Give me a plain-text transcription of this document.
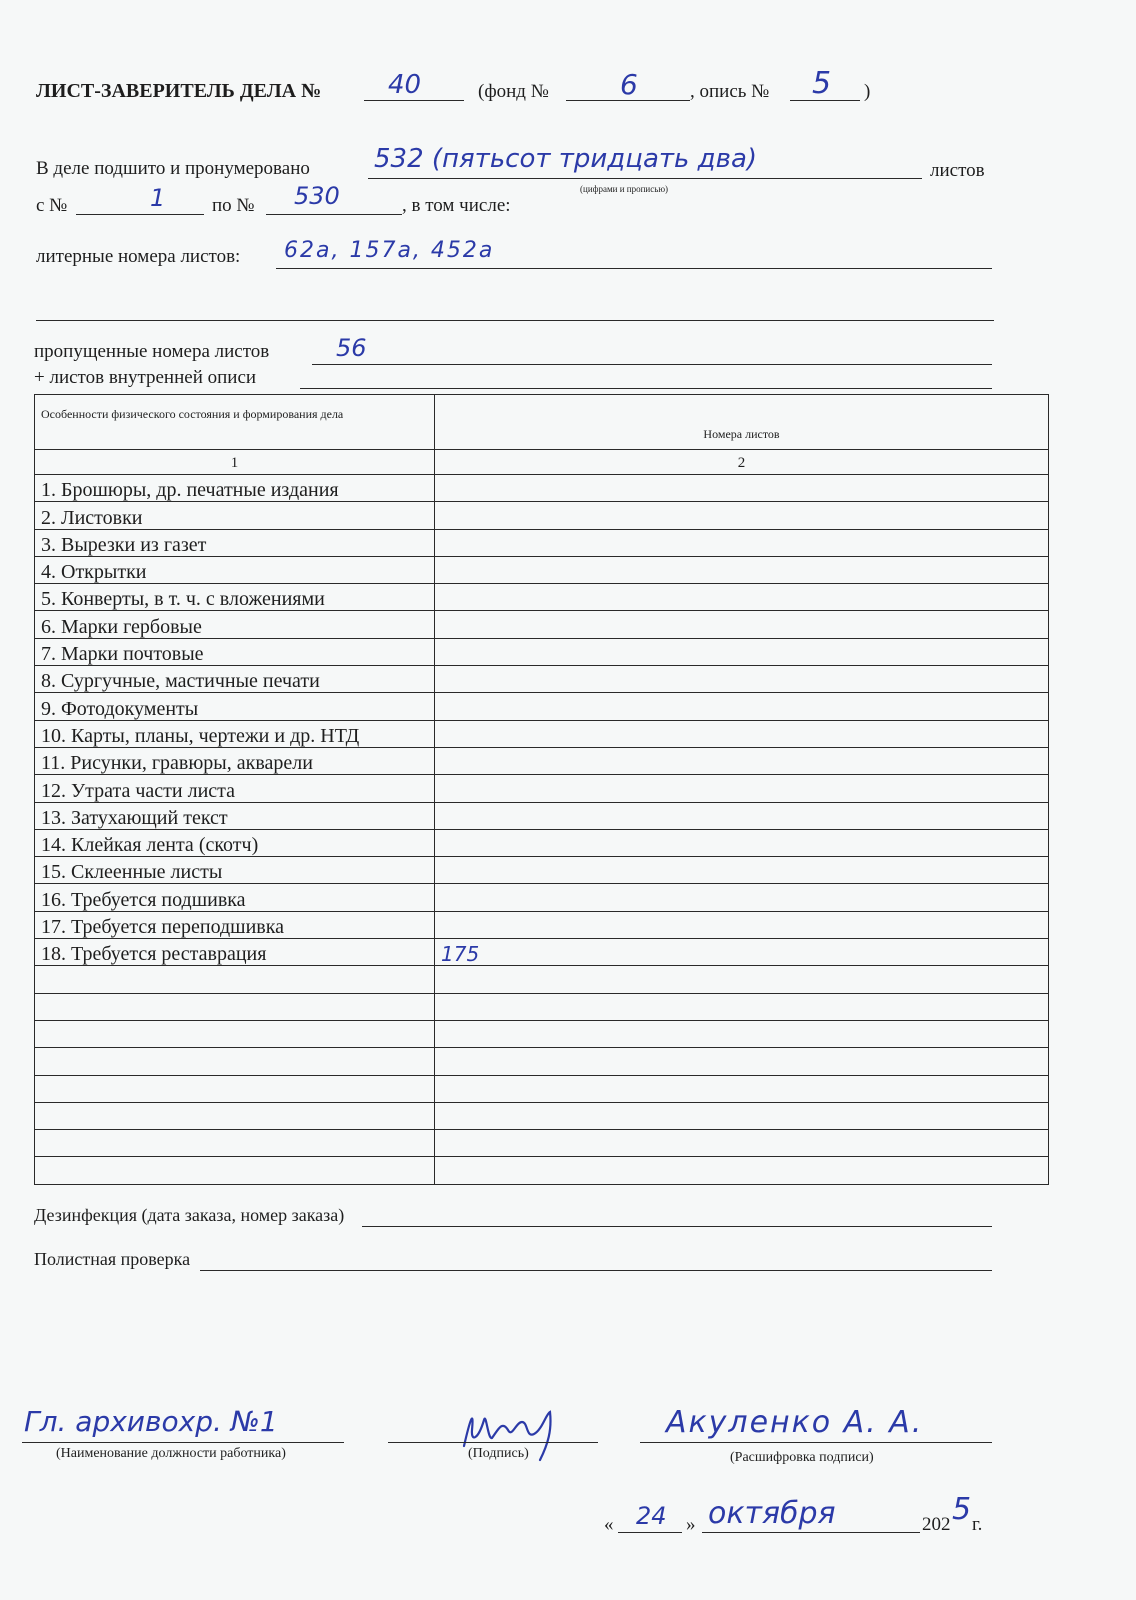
ЛИСТ-ЗАВЕРИТЕЛЬ ДЕЛА №	40	(фонд №	6	, опись № 5 )
В деле подшито и пронумеровано 532 (пятьсот тридцать два)
(цифрами и прописью)
листов
с №	1 по № 530	, в том числе:
литерные номера листов: 62а, 157а, 452а
пропущенные номера листов	56
+ листов внутренней описи
Особенности физического состояния и формирования дела	Номера листов
1	2
1. Брошюры, др. печатные издания	
2. Листовки	
3. Вырезки из газет	
4. Открытки	
5. Конверты, в т. ч. с вложениями	
6. Марки гербовые	
7. Марки почтовые	
8. Сургучные, мастичные печати	
9. Фотодокументы	
10. Карты, планы, чертежи и др. НТД	
11. Рисунки, гравюры, акварели	
12. Утрата части листа	
13. Затухающий текст	
14. Клейкая лента (скотч)	
15. Склеенные листы	
16. Требуется подшивка	
17. Требуется переподшивка	
18. Требуется реставрация	175

Дезинфекция (дата заказа, номер заказа)
Полистная проверка
Гл. архивохр. №1
(Наименование должности работника)	(Подпись)
Акуленко А. А.
(Расшифровка подписи)
« 24 » октября	202 5 г.
